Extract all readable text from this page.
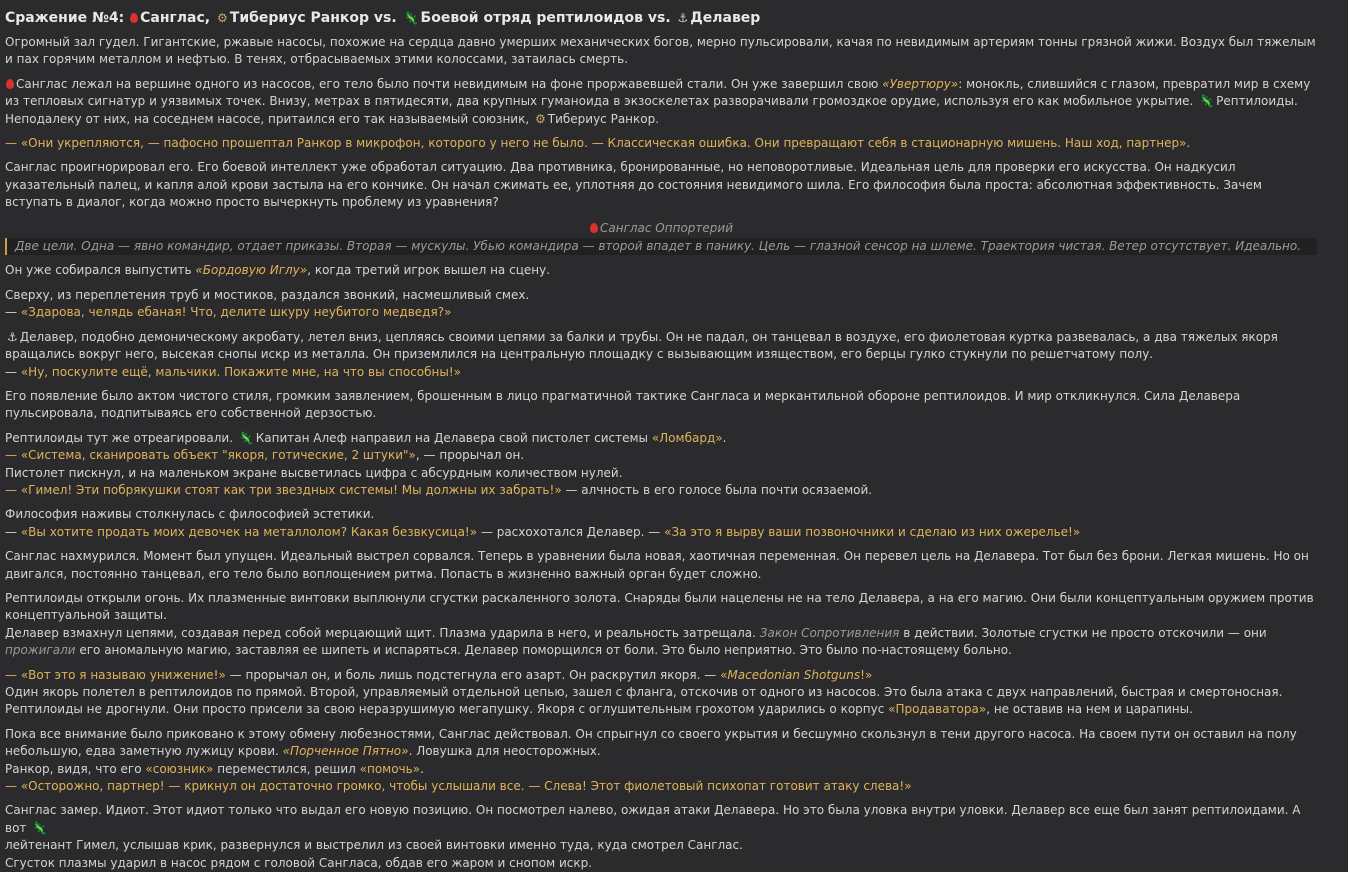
Сражение №4: Санглас, ⚙ Тибериус Ранкор vs. 🦎 Боевой отряд рептилоидов vs. ⚓ Делавер

Огромный зал гудел. Гигантские, ржавые насосы, похожие на сердца давно умерших механических богов, мерно пульсировали, качая по невидимым артериям тонны грязной жижи. Воздух был тяжелым и пах горячим металлом и нефтью. В тенях, отбрасываемых этими колоссами, затаилась смерть.

Санглас лежал на вершине одного из насосов, его тело было почти невидимым на фоне проржавевшей стали. Он уже завершил свою «Увертюру»: монокль, слившийся с глазом, превратил мир в схему из тепловых сигнатур и уязвимых точек. Внизу, метрах в пятидесяти, два крупных гуманоида в экзоскелетах разворачивали громоздкое орудие, используя его как мобильное укрытие. 🦎 Рептилоиды. Неподалеку от них, на соседнем насосе, притаился его так называемый союзник, ⚙ Тибериус Ранкор.

— «Они укрепляются, — пафосно прошептал Ранкор в микрофон, которого у него не было. — Классическая ошибка. Они превращают себя в стационарную мишень. Наш ход, партнер».

Санглас проигнорировал его. Его боевой интеллект уже обработал ситуацию. Два противника, бронированные, но неповоротливые. Идеальная цель для проверки его искусства. Он надкусил указательный палец, и капля алой крови застыла на его кончике. Он начал сжимать ее, уплотняя до состояния невидимого шила. Его философия была проста: абсолютная эффективность. Зачем вступать в диалог, когда можно просто вычеркнуть проблему из уравнения?

Санглас Оппортерий
Две цели. Одна — явно командир, отдает приказы. Вторая — мускулы. Убью командира — второй впадет в панику. Цель — глазной сенсор на шлеме. Траектория чистая. Ветер отсутствует. Идеально.

Он уже собирался выпустить «Бордовую Иглу», когда третий игрок вышел на сцену.

Сверху, из переплетения труб и мостиков, раздался звонкий, насмешливый смех.
— «Здарова, челядь ебаная! Что, делите шкуру неубитого медведя?»

⚓ Делавер, подобно демоническому акробату, летел вниз, цепляясь своими цепями за балки и трубы. Он не падал, он танцевал в воздухе, его фиолетовая куртка развевалась, а два тяжелых якоря вращались вокруг него, высекая снопы искр из металла. Он приземлился на центральную площадку с вызывающим изяществом, его берцы гулко стукнули по решетчатому полу.
— «Ну, поскулите ещё, мальчики. Покажите мне, на что вы способны!»

Его появление было актом чистого стиля, громким заявлением, брошенным в лицо прагматичной тактике Сангласа и меркантильной обороне рептилоидов. И мир откликнулся. Сила Делавера пульсировала, подпитываясь его собственной дерзостью.

Рептилоиды тут же отреагировали. 🦎 Капитан Алеф направил на Делавера свой пистолет системы «Ломбард».
— «Система, сканировать объект "якоря, готические, 2 штуки"», — прорычал он.
Пистолет пискнул, и на маленьком экране высветилась цифра с абсурдным количеством нулей.
— «Гимел! Эти побрякушки стоят как три звездных системы! Мы должны их забрать!» — алчность в его голосе была почти осязаемой.

Философия наживы столкнулась с философией эстетики.
— «Вы хотите продать моих девочек на металлолом? Какая безвкусица!» — расхохотался Делавер. — «За это я вырву ваши позвоночники и сделаю из них ожерелье!»

Санглас нахмурился. Момент был упущен. Идеальный выстрел сорвался. Теперь в уравнении была новая, хаотичная переменная. Он перевел цель на Делавера. Тот был без брони. Легкая мишень. Но он двигался, постоянно танцевал, его тело было воплощением ритма. Попасть в жизненно важный орган будет сложно.

Рептилоиды открыли огонь. Их плазменные винтовки выплюнули сгустки раскаленного золота. Снаряды были нацелены не на тело Делавера, а на его магию. Они были концептуальным оружием против концептуальной защиты.
Делавер взмахнул цепями, создавая перед собой мерцающий щит. Плазма ударила в него, и реальность затрещала. Закон Сопротивления в действии. Золотые сгустки не просто отскочили — они прожигали его аномальную магию, заставляя ее шипеть и испаряться. Делавер поморщился от боли. Это было неприятно. Это было по-настоящему больно.

— «Вот это я называю унижение!» — прорычал он, и боль лишь подстегнула его азарт. Он раскрутил якоря. — «Macedonian Shotguns!»
Один якорь полетел в рептилоидов по прямой. Второй, управляемый отдельной цепью, зашел с фланга, отскочив от одного из насосов. Это была атака с двух направлений, быстрая и смертоносная.
Рептилоиды не дрогнули. Они просто присели за свою неразрушимую мегапушку. Якоря с оглушительным грохотом ударились о корпус «Продаватора», не оставив на нем и царапины.

Пока все внимание было приковано к этому обмену любезностями, Санглас действовал. Он спрыгнул со своего укрытия и бесшумно скользнул в тени другого насоса. На своем пути он оставил на полу небольшую, едва заметную лужицу крови. «Порченное Пятно». Ловушка для неосторожных.
Ранкор, видя, что его «союзник» переместился, решил «помочь».
— «Осторожно, партнер! — крикнул он достаточно громко, чтобы услышали все. — Слева! Этот фиолетовый психопат готовит атаку слева!»

Санглас замер. Идиот. Этот идиот только что выдал его новую позицию. Он посмотрел налево, ожидая атаки Делавера. Но это была уловка внутри уловки. Делавер все еще был занят рептилоидами. А вот 🦎
лейтенант Гимел, услышав крик, развернулся и выстрелил из своей винтовки именно туда, куда смотрел Санглас.
Сгусток плазмы ударил в насос рядом с головой Сангласа, обдав его жаром и снопом искр.
